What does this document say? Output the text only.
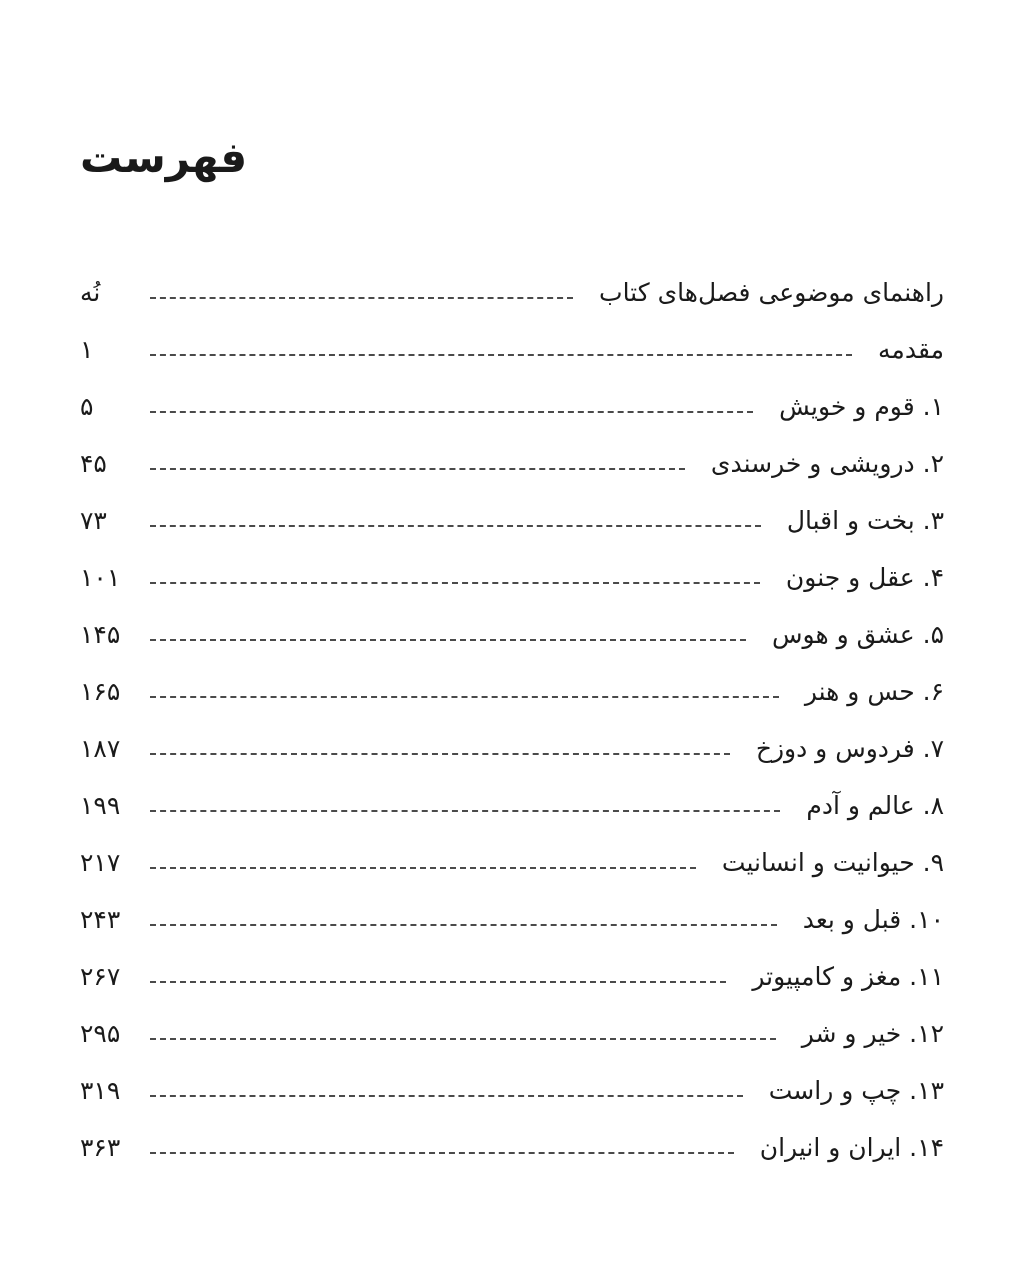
فهرست
راهنمای موضوعی فصل‌های کتاب
نُه
مقدمه
۱
۱. قوم و خویش
۵
۲. درویشی و خرسندی
۴۵
۳. بخت و اقبال
۷۳
۴. عقل و جنون
۱۰۱
۵. عشق و هوس
۱۴۵
۶. حس و هنر
۱۶۵
۷. فردوس و دوزخ
۱۸۷
۸. عالم و آدم
۱۹۹
۹. حیوانیت و انسانیت
۲۱۷
۱۰. قبل و بعد
۲۴۳
۱۱. مغز و کامپیوتر
۲۶۷
۱۲. خیر و شر
۲۹۵
۱۳. چپ و راست
۳۱۹
۱۴. ایران و انیران
۳۶۳
